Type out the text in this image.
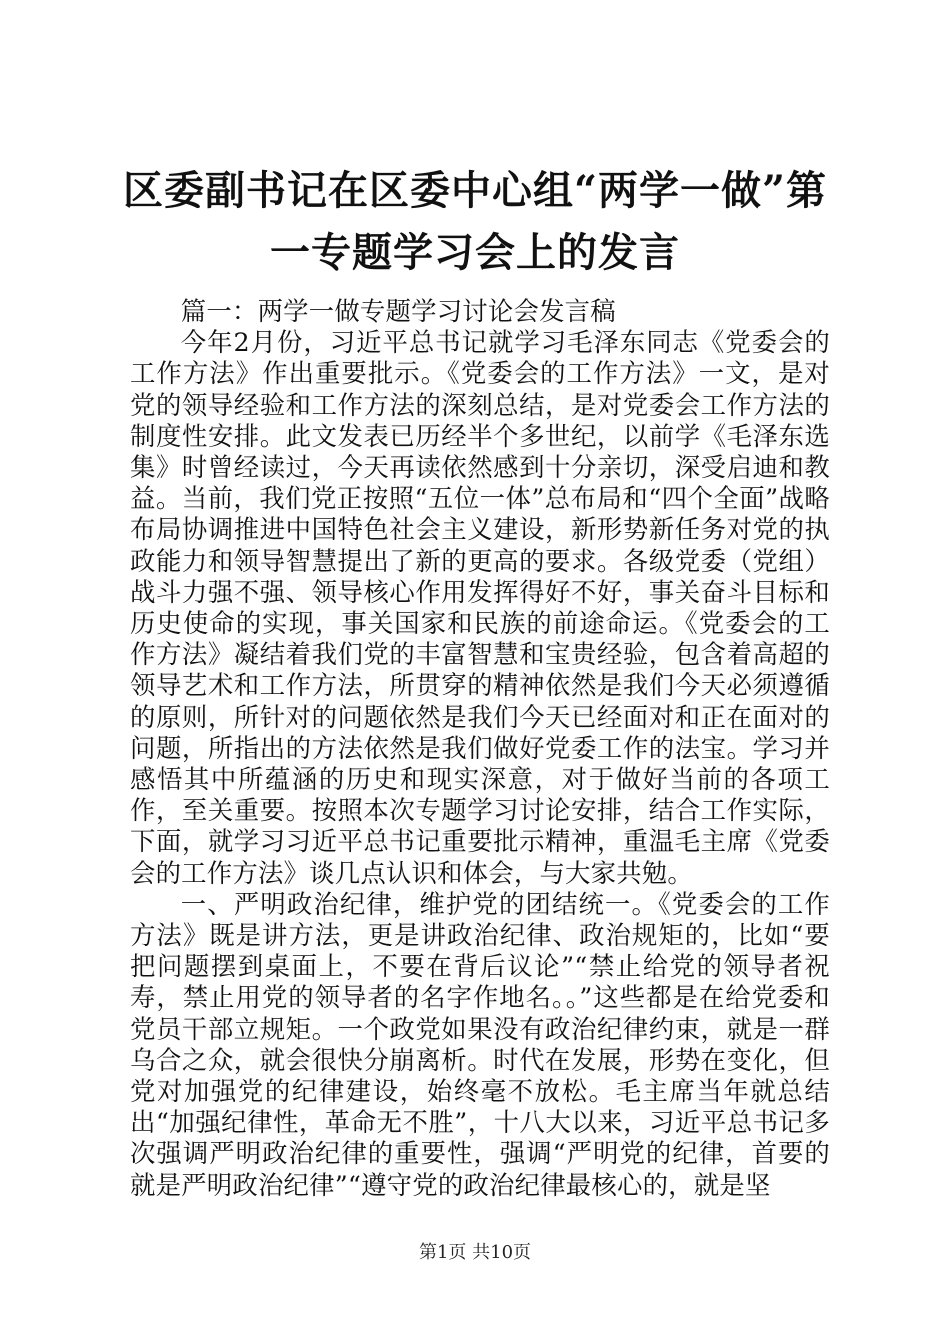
区委副书记在区委中心组“两学一做”第一专题学习会上的发言

篇一：两学一做专题学习讨论会发言稿

今年2月份，习近平总书记就学习毛泽东同志《党委会的工作方法》作出重要批示。《党委会的工作方法》一文，是对党的领导经验和工作方法的深刻总结，是对党委会工作方法的制度性安排。此文发表已历经半个多世纪，以前学《毛泽东选集》时曾经读过，今天再读依然感到十分亲切，深受启迪和教益。当前，我们党正按照“五位一体”总布局和“四个全面”战略布局协调推进中国特色社会主义建设，新形势新任务对党的执政能力和领导智慧提出了新的更高的要求。各级党委（党组）战斗力强不强、领导核心作用发挥得好不好，事关奋斗目标和历史使命的实现，事关国家和民族的前途命运。《党委会的工作方法》凝结着我们党的丰富智慧和宝贵经验，包含着高超的领导艺术和工作方法，所贯穿的精神依然是我们今天必须遵循的原则，所针对的问题依然是我们今天已经面对和正在面对的问题，所指出的方法依然是我们做好党委工作的法宝。学习并感悟其中所蕴涵的历史和现实深意，对于做好当前的各项工作，至关重要。按照本次专题学习讨论安排，结合工作实际，下面，就学习习近平总书记重要批示精神，重温毛主席《党委会的工作方法》谈几点认识和体会，与大家共勉。

一、严明政治纪律，维护党的团结统一。《党委会的工作方法》既是讲方法，更是讲政治纪律、政治规矩的，比如“要把问题摆到桌面上，不要在背后议论”“禁止给党的领导者祝寿，禁止用党的领导者的名字作地名。。”这些都是在给党委和党员干部立规矩。一个政党如果没有政治纪律约束，就是一群乌合之众，就会很快分崩离析。时代在发展，形势在变化，但党对加强党的纪律建设，始终毫不放松。毛主席当年就总结出“加强纪律性，革命无不胜”，十八大以来，习近平总书记多次强调严明政治纪律的重要性，强调“严明党的纪律，首要的就是严明政治纪律”“遵守党的政治纪律最核心的，就是坚

第1页 共10页
